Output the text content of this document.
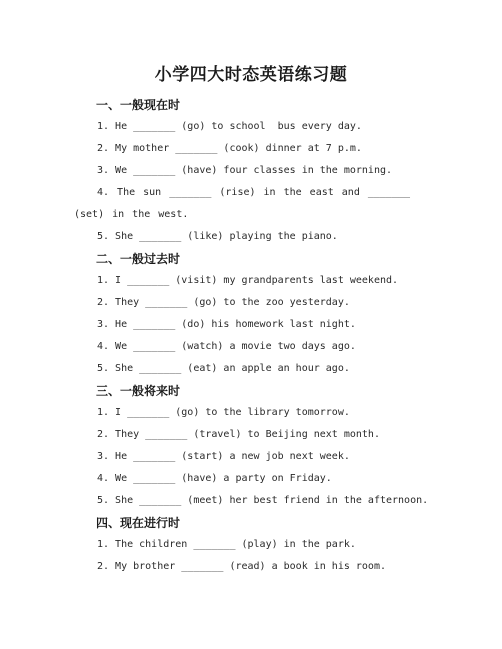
小学四大时态英语练习题
一、一般现在时
1. He _______ (go) to school  bus every day.
2. My mother _______ (cook) dinner at 7 p.m.
3. We _______ (have) four classes in the morning.
4. The sun _______ (rise) in the east and _______ (set) in the west.
5. She _______ (like) playing the piano.
二、一般过去时
1. I _______ (visit) my grandparents last weekend.
2. They _______ (go) to the zoo yesterday.
3. He _______ (do) his homework last night.
4. We _______ (watch) a movie two days ago.
5. She _______ (eat) an apple an hour ago.
三、一般将来时
1. I _______ (go) to the library tomorrow.
2. They _______ (travel) to Beijing next month.
3. He _______ (start) a new job next week.
4. We _______ (have) a party on Friday.
5. She _______ (meet) her best friend in the afternoon.
四、现在进行时
1. The children _______ (play) in the park.
2. My brother _______ (read) a book in his room.
